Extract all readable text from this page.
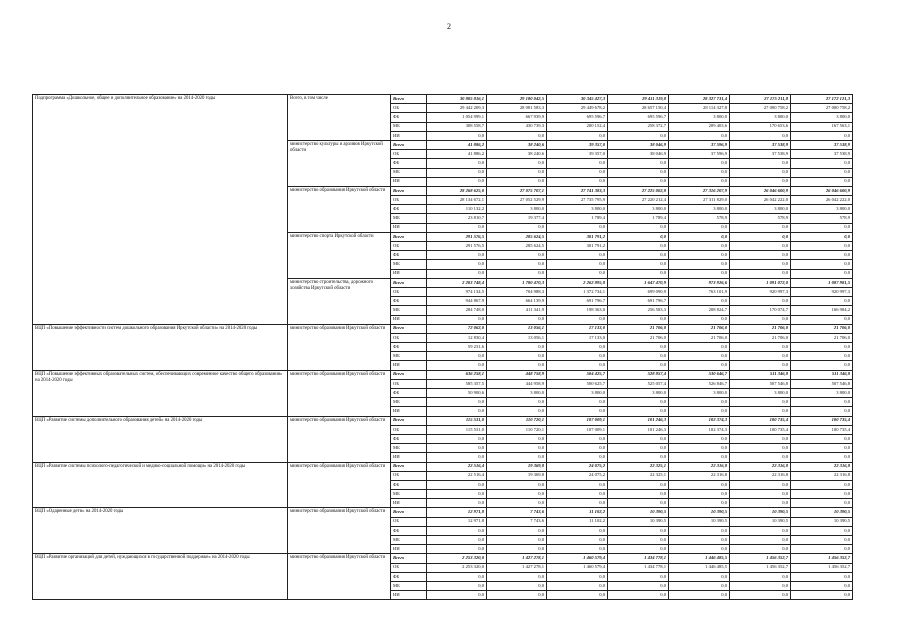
2
Подпрограмма «Дошкольное, общее и дополнительное образование» на 2014-2020 годы	Всего, в том числе	Всего	30 805 816,1	29 180 042,5	30 345 427,3	29 411 319,8	28 327 731,4	27 175 211,8	27 172 121,3
		ОБ	29 442 209,3	28 081 583,3	29 449 678,2	28 657 150,4	28 114 327,8	27 000 758,2	27 000 758,2
		ФБ	1 054 999,1	667 939,9	695 596,7	695 596,7	3 800,0	3 800,0	3 800,0
		МБ	308 558,7	430 739,3	200 152,4	258 372,7	209 403,6	170 653,6	167 563,1
		ИИ	0,0	0,0	0,0	0,0	0,0	0,0	0,0
	министерство культуры и архивов Иркутской области	Всего	41 886,2	38 240,6	39 357,0	38 046,9	37 596,9	37 538,9	37 538,9
		ОБ	41 886,2	38 240,6	39 357,0	38 046,9	37 596,9	37 538,9	37 538,9
		ФБ	0,0	0,0	0,0	0,0	0,0	0,0	0,0
		МБ	0,0	0,0	0,0	0,0	0,0	0,0	0,0
		ИИ	0,0	0,0	0,0	0,0	0,0	0,0	0,0
	министерство образования Иркутской области	Всего	28 268 625,0	27 075 707,1	27 741 383,3	27 225 002,8	27 316 207,9	26 046 600,9	26 046 600,9
		ОБ	28 134 672,1	27 052 529,9	27 735 795,9	27 220 212,4	27 311 829,0	26 042 222,0	26 042 222,0
		ФБ	110 132,2	3 800,0	3 800,0	3 800,0	3 800,0	3 800,0	3 800,0
		МБ	23 810,7	19 377,4	1 789,4	1 789,4	578,9	578,9	578,9
		ИИ	0,0	0,0	0,0	0,0	0,0	0,0	0,0
	министерство спорта Иркутской области	Всего	291 576,5	285 624,5	301 791,2	0,0	0,0	0,0	0,0
		ОБ	291 576,5	285 624,5	301 791,2	0,0	0,0	0,0	0,0
		ФБ	0,0	0,0	0,0	0,0	0,0	0,0	0,0
		МБ	0,0	0,0	0,0	0,0	0,0	0,0	0,0
		ИИ	0,0	0,0	0,0	0,0	0,0	0,0	0,0
	министерство строительства, дорожного хозяйства Иркутской области	Всего	2 203 748,4	1 780 470,3	2 262 895,8	1 647 470,9	973 926,6	1 091 072,0	1 087 981,5
		ОБ	974 134,5	704 988,3	1 372 734,1	699 090,9	763 101,9	920 997,3	920 997,3
		ФБ	944 867,9	664 139,9	691 796,7	691 796,7	0,0	0,0	0,0
		МБ	284 748,0	411 341,9	198 363,0	256 583,3	208 824,7	170 074,7	166 984,2
		ИИ	0,0	0,0	0,0	0,0	0,0	0,0	0,0
ВЦП «Повышение эффективности систем дошкольного образования Иркутской области» на 2014-2020 годы	министерство образования Иркутской области	Всего	72 062,0	13 056,1	17 133,0	21 706,0	21 706,0	21 706,0	21 706,0
		ОБ	12 830,4	13 056,1	17 133,0	21 706,0	21 706,0	21 706,0	21 706,0
		ФБ	59 231,6	0,0	0,0	0,0	0,0	0,0	0,0
		МБ	0,0	0,0	0,0	0,0	0,0	0,0	0,0
		ИИ	0,0	0,0	0,0	0,0	0,0	0,0	0,0
ВЦП «Повышение эффективных образовательных систем, обеспечивающих современное качество общего образования» на 2014-2020 годы	министерство образования Иркутской области	Всего	636 258,1	448 758,9	504 425,7	528 857,4	530 646,7	511 346,8	511 346,8
		ОБ	585 357,5	444 958,9	500 625,7	525 057,4	526 846,7	507 546,8	507 546,8
		ФБ	50 900,6	3 800,0	3 800,0	3 800,0	3 800,0	3 800,0	3 800,0
		МБ	0,0	0,0	0,0	0,0	0,0	0,0	0,0
		ИИ	0,0	0,0	0,0	0,0	0,0	0,0	0,0
ВЦП «Развитие системы дополнительного образования детей» на 2014-2020 годы	министерство образования Иркутской области	Всего	115 531,0	110 720,1	107 009,1	101 246,3	102 374,3	100 735,4	100 735,4
		ОБ	115 531,0	110 720,1	107 009,1	101 246,3	102 374,3	100 735,4	100 735,4
		ФБ	0,0	0,0	0,0	0,0	0,0	0,0	0,0
		МБ	0,0	0,0	0,0	0,0	0,0	0,0	0,0
		ИИ	0,0	0,0	0,0	0,0	0,0	0,0	0,0
ВЦП «Развитие системы психолого-педагогической и медико-социальной помощи» на 2014-2020 годы	министерство образования Иркутской области	Всего	22 516,4	19 369,8	24 075,2	22 325,1	22 316,8	22 316,8	22 316,8
		ОБ	22 516,4	19 369,8	24 075,2	22 325,1	22 316,8	22 316,8	22 316,8
		ФБ	0,0	0,0	0,0	0,0	0,0	0,0	0,0
		МБ	0,0	0,0	0,0	0,0	0,0	0,0	0,0
		ИИ	0,0	0,0	0,0	0,0	0,0	0,0	0,0
ВЦП «Одаренные дети» на 2014-2020 годы	министерство образования Иркутской области	Всего	12 971,8	7 743,6	11 102,2	10 390,5	10 390,5	10 390,5	10 390,5
		ОБ	12 971,8	7 743,6	11 102,2	10 390,5	10 390,5	10 390,5	10 390,5
		ФБ	0,0	0,0	0,0	0,0	0,0	0,0	0,0
		МБ	0,0	0,0	0,0	0,0	0,0	0,0	0,0
		ИИ	0,0	0,0	0,0	0,0	0,0	0,0	0,0
ВЦП «Развитие организаций для детей, нуждающихся в государственной поддержке» на 2014-2020 годы	министерство образования Иркутской области	Всего	2 253 320,0	1 427 278,1	1 460 579,4	1 434 778,1	1 446 485,5	1 456 352,7	1 456 352,7
		ОБ	2 253 320,0	1 427 278,1	1 460 579,4	1 434 778,1	1 446 485,5	1 456 352,7	1 456 352,7
		ФБ	0,0	0,0	0,0	0,0	0,0	0,0	0,0
		МБ	0,0	0,0	0,0	0,0	0,0	0,0	0,0
		ИИ	0,0	0,0	0,0	0,0	0,0	0,0	0,0
